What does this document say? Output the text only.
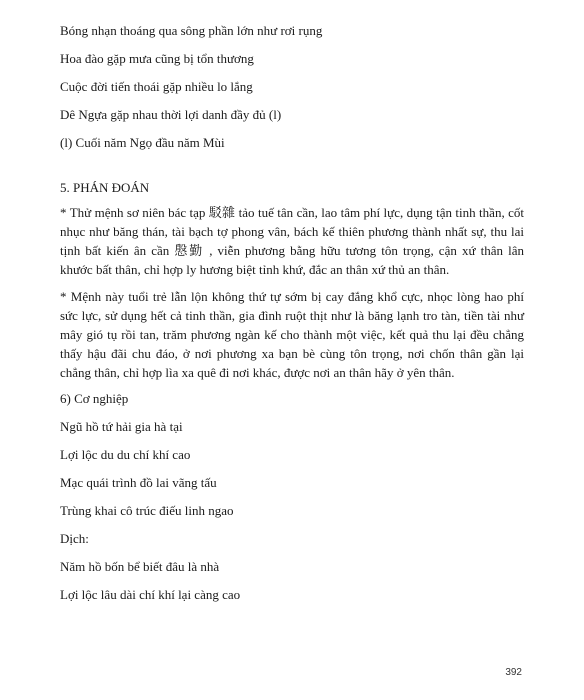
Bóng nhạn thoáng qua sông phần lớn như rơi rụng

Hoa đào gặp mưa cũng bị tổn thương

Cuộc đời tiến thoái gặp nhiều lo lắng

Dê Ngựa gặp nhau thời lợi danh đầy đủ (l)

(l) Cuối năm Ngọ đầu năm Mùi

5. PHÁN ĐOÁN

* Thử mệnh sơ niên bác tạp 駁雜 tảo tuế tân cần, lao tâm phí lực, dụng tận tinh thần, cốt nhục như băng thán, tài bạch tợ phong vân, bách kế thiên phương thành nhất sự, thu lai tịnh bất kiến ân cần 慇勤 , viễn phương bằng hữu tương tôn trọng, cận xứ thân lân khước bất thân, chỉ hợp ly hương biệt tỉnh khứ, đắc an thân xứ thủ an thân.

* Mệnh này tuổi trẻ lẫn lộn không thứ tự sớm bị cay đắng khổ cực, nhọc lòng hao phí sức lực, sử dụng hết cả tinh thần, gia đình ruột thịt như là băng lạnh tro tàn, tiền tài như mây gió tụ rồi tan, trăm phương ngàn kế cho thành một việc, kết quả thu lại đều chẳng thấy hậu đãi chu đáo, ở nơi phương xa bạn bè cùng tôn trọng, nơi chốn thân gần lại chẳng thân, chỉ hợp lìa xa quê đi nơi khác, được nơi an thân hãy ở yên thân.

6) Cơ nghiệp

Ngũ hồ tứ hải gia hà tại

Lợi lộc du du chí khí cao

Mạc quái trình đồ lai vãng tấu

Trùng khai cô trúc điếu linh ngao

Dịch:

Năm hồ bốn bể biết đâu là nhà

Lợi lộc lâu dài chí khí lại càng cao

392
